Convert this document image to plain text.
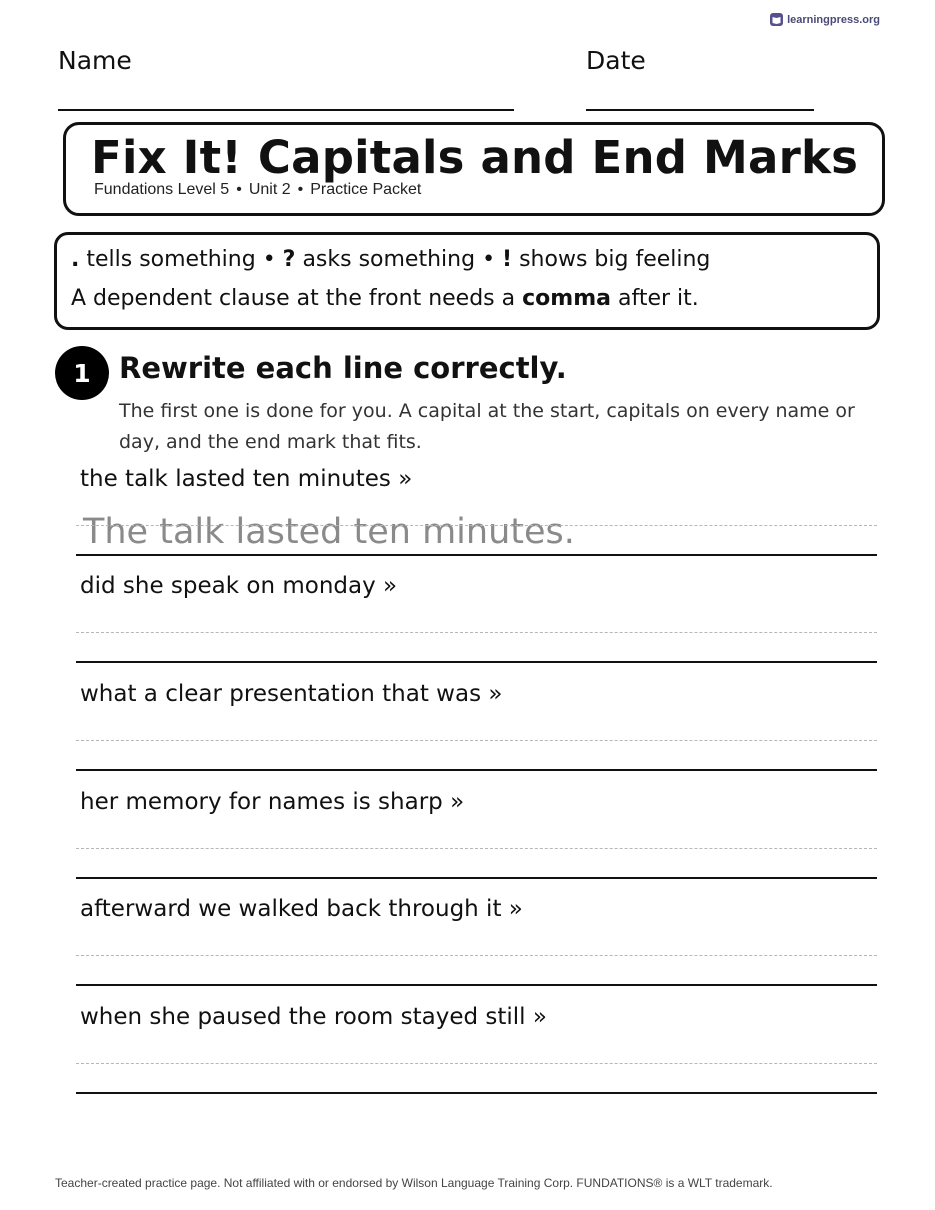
learningpress.org
Name	Date
Fix It! Capitals and End Marks
Fundations Level 5 • Unit 2 • Practice Packet
. tells something • ? asks something • ! shows big feeling
A dependent clause at the front needs a comma after it.
1 Rewrite each line correctly.
The first one is done for you. A capital at the start, capitals on every name or day, and the end mark that fits.
the talk lasted ten minutes »
The talk lasted ten minutes.
did she speak on monday »
what a clear presentation that was »
her memory for names is sharp »
afterward we walked back through it »
when she paused the room stayed still »
Teacher-created practice page. Not affiliated with or endorsed by Wilson Language Training Corp. FUNDATIONS® is a WLT trademark.
